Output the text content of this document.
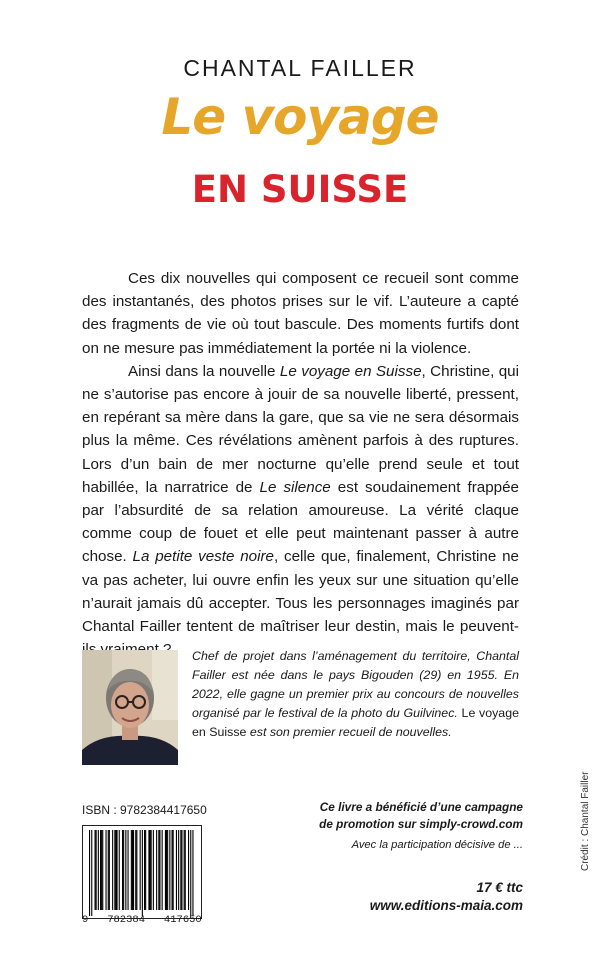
CHANTAL FAILLER
Le voyage
EN SUISSE

Ces dix nouvelles qui composent ce recueil sont comme des instantanés, des photos prises sur le vif. L’auteure a capté des fragments de vie où tout bascule. Des moments furtifs dont on ne mesure pas immédiatement la portée ni la violence.

Ainsi dans la nouvelle Le voyage en Suisse, Christine, qui ne s’autorise pas encore à jouir de sa nouvelle liberté, pressent, en repérant sa mère dans la gare, que sa vie ne sera désormais plus la même. Ces révélations amènent parfois à des ruptures. Lors d’un bain de mer nocturne qu’elle prend seule et tout habillée, la narratrice de Le silence est soudainement frappée par l’absurdité de sa relation amoureuse. La vérité claque comme coup de fouet et elle peut maintenant passer à autre chose. La petite veste noire, celle que, finalement, Christine ne va pas acheter, lui ouvre enfin les yeux sur une situation qu’elle n’aurait jamais dû accepter. Tous les personnages imaginés par Chantal Failler tentent de maîtriser leur destin, mais le peuvent-

Chef de projet dans l’aménagement du territoire, Chantal Failler est née dans le pays Bigouden (29) en 1955. En 2022, elle gagne un premier prix au concours de nouvelles organisé par le festival de la photo du Guilvinec. Le voyage en Suisse est son premier recueil de nouvelles.
ISBN : 9782384417650
9   782384   417650
Ce livre a bénéficié d’une campagne
de promotion sur simply-crowd.com
Avec la participation décisive de ...
17 € ttc
www.editions-maia.com
Crédit : Chantal Failler
